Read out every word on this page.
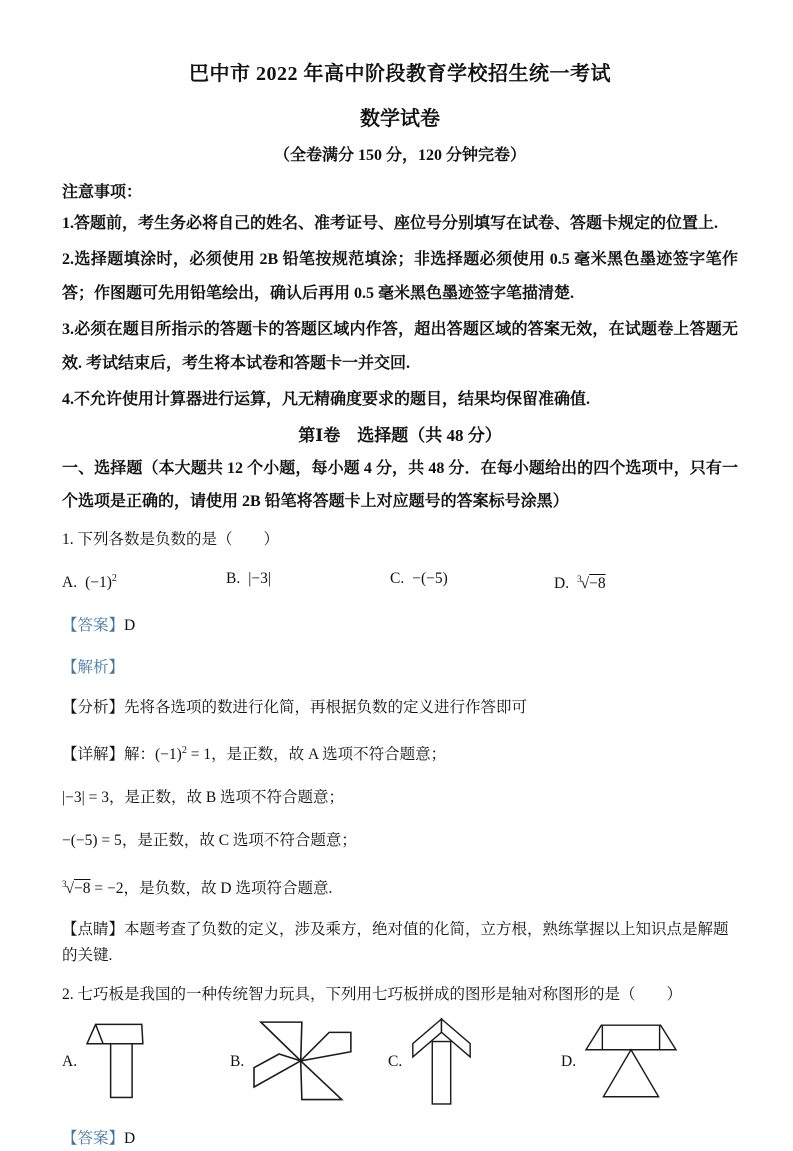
巴中市 2022 年高中阶段教育学校招生统一考试

数学试卷

（全卷满分 150 分，120 分钟完卷）

注意事项：

1.答题前，考生务必将自己的姓名、准考证号、座位号分别填写在试卷、答题卡规定的位置上.

2.选择题填涂时，必须使用 2B 铅笔按规范填涂；非选择题必须使用 0.5 毫米黑色墨迹签字笔作答；作图题可先用铅笔绘出，确认后再用 0.5 毫米黑色墨迹签字笔描清楚.

3.必须在题目所指示的答题卡的答题区域内作答，超出答题区域的答案无效，在试题卷上答题无效. 考试结束后，考生将本试卷和答题卡一并交回.

4.不允许使用计算器进行运算，凡无精确度要求的题目，结果均保留准确值.

第Ⅰ卷　选择题（共 48 分）

一、选择题（本大题共 12 个小题，每小题 4 分，共 48 分．在每小题给出的四个选项中，只有一个选项是正确的，请使用 2B 铅笔将答题卡上对应题号的答案标号涂黑）

1. 下列各数是负数的是（　　）

A. $(-1)^2$	B. |−3|	C. −(−5)	D. $^3$√−8

【答案】D

【解析】

【分析】先将各选项的数进行化简，再根据负数的定义进行作答即可

【详解】解：$(-1)^2 = 1$，是正数，故 A 选项不符合题意；

|−3| = 3，是正数，故 B 选项不符合题意；

−(−5) = 5，是正数，故 C 选项不符合题意；

$^3$√−8 = −2，是负数，故 D 选项符合题意.

【点睛】本题考查了负数的定义，涉及乘方，绝对值的化简，立方根，熟练掌握以上知识点是解题的关键.

2. 七巧板是我国的一种传统智力玩具，下列用七巧板拼成的图形是轴对称图形的是（　　）

A.	B.	C.	D.

【答案】D
